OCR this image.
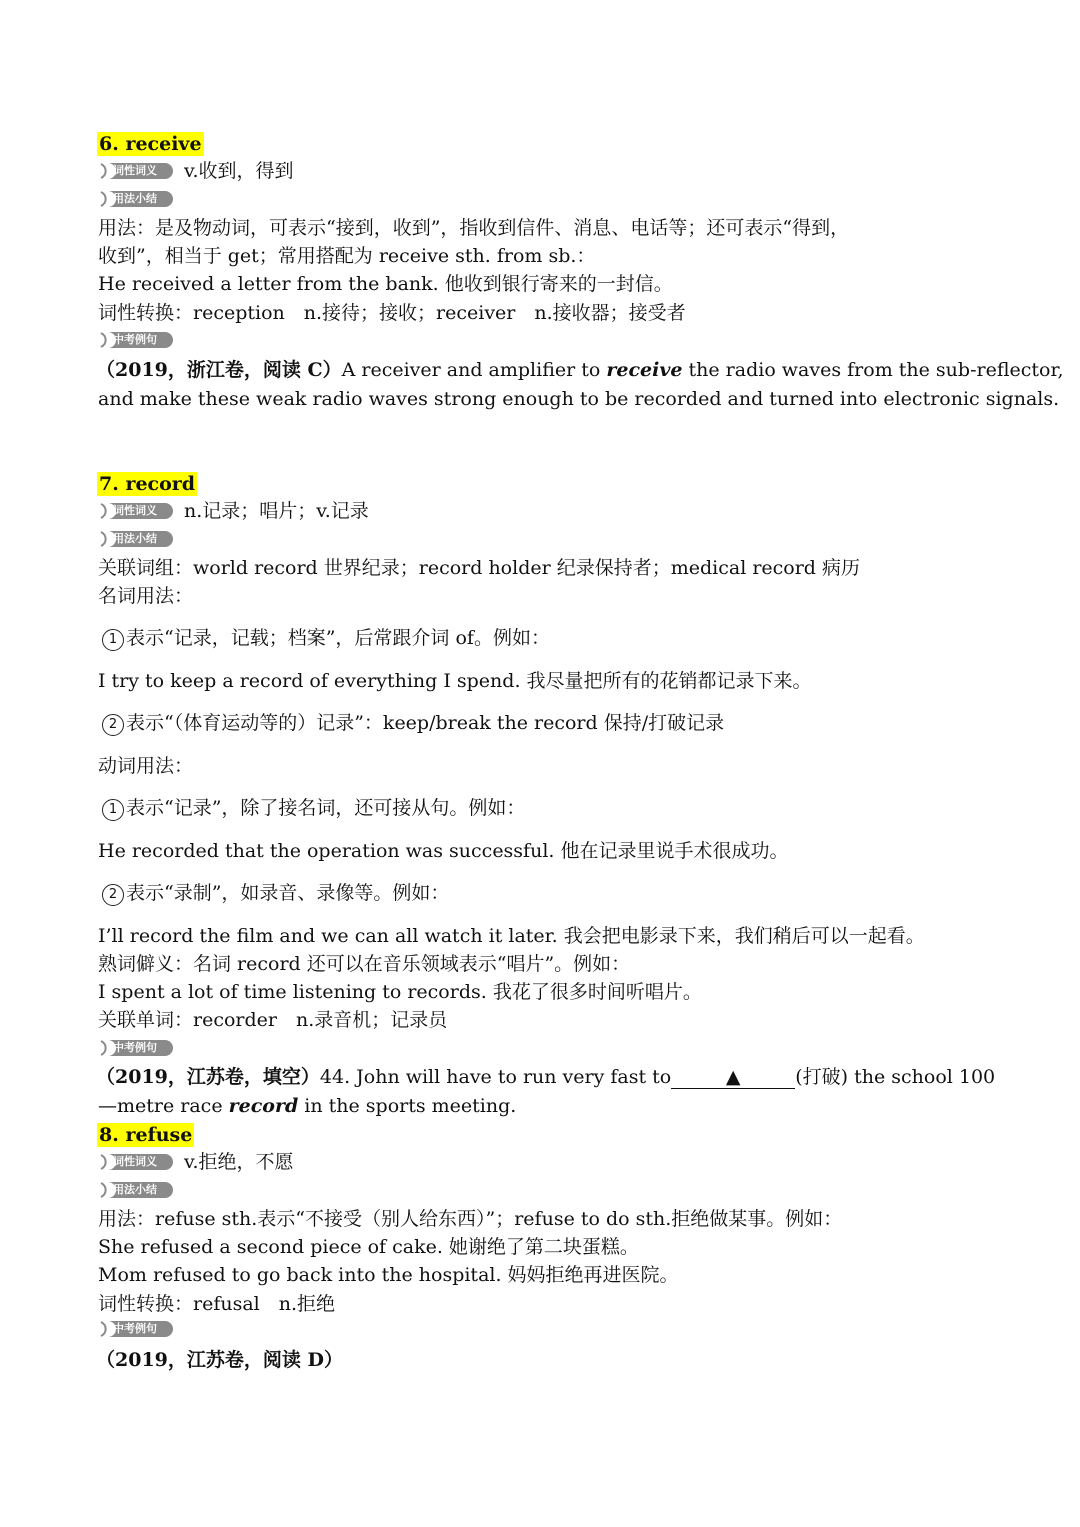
6. receive
词性词义 v.收到，得到
用法小结
用法：是及物动词，可表示“接到，收到”，指收到信件、消息、电话等；还可表示“得到，
收到”，相当于 get；常用搭配为 receive sth. from sb.：
He received a letter from the bank. 他收到银行寄来的一封信。
词性转换：reception　n.接待；接收；receiver　n.接收器；接受者
中考例句
（2019，浙江卷，阅读 C）A receiver and amplifier to receive the radio waves from the sub-reflector,
and make these weak radio waves strong enough to be recorded and turned into electronic signals.
7. record
词性词义 n.记录；唱片；v.记录
用法小结
关联词组：world record 世界纪录；record holder 纪录保持者；medical record 病历
名词用法：
1 表示“记录，记载；档案”，后常跟介词 of。例如：
I try to keep a record of everything I spend. 我尽量把所有的花销都记录下来。
2 表示“（体育运动等的）记录”：keep/break the record 保持/打破记录
动词用法：
1 表示“记录”，除了接名词，还可接从句。例如：
He recorded that the operation was successful. 他在记录里说手术很成功。
2 表示“录制”，如录音、录像等。例如：
I’ll record the film and we can all watch it later. 我会把电影录下来，我们稍后可以一起看。
熟词僻义：名词 record 还可以在音乐领域表示“唱片”。例如：
I spent a lot of time listening to records. 我花了很多时间听唱片。
关联单词：recorder　n.录音机；记录员
中考例句
（2019，江苏卷，填空）44. John will have to run very fast to	▲	(打破) the school 100
—metre race record in the sports meeting.
8. refuse
词性词义 v.拒绝，不愿
用法小结
用法：refuse sth.表示“不接受（别人给东西）”；refuse to do sth.拒绝做某事。例如：
She refused a second piece of cake. 她谢绝了第二块蛋糕。
Mom refused to go back into the hospital. 妈妈拒绝再进医院。
词性转换：refusal　n.拒绝
中考例句
（2019，江苏卷，阅读 D）
